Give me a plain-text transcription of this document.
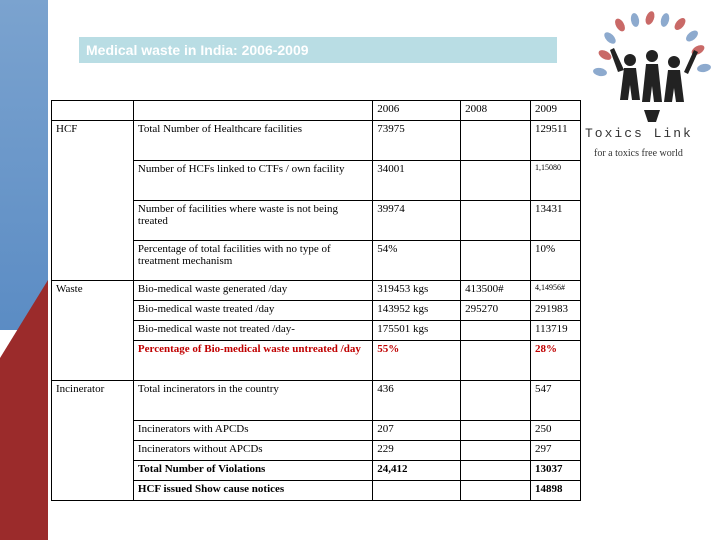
Medical waste in India: 2006-2009
Toxics Link
for a toxics free world
		2006	2008	2009
HCF	Total Number of Healthcare facilities	73975		129511
	Number of HCFs linked to CTFs / own facility	34001		1,15080
	Number of facilities where waste is not being treated	39974		13431
	Percentage of total facilities with no type of treatment mechanism	54%		10%
Waste	Bio-medical waste generated /day	319453 kgs	413500#	4,14956#
	Bio-medical waste treated /day	143952 kgs	295270	291983
	Bio-medical waste not treated /day-	175501 kgs		113719
	Percentage of Bio-medical waste untreated /day	55%		28%
Incinerator	Total incinerators in the country	436		547
	Incinerators with APCDs	207		250
	Incinerators without APCDs	229		297
	Total Number of Violations	24,412		13037
	HCF issued Show cause notices			14898
